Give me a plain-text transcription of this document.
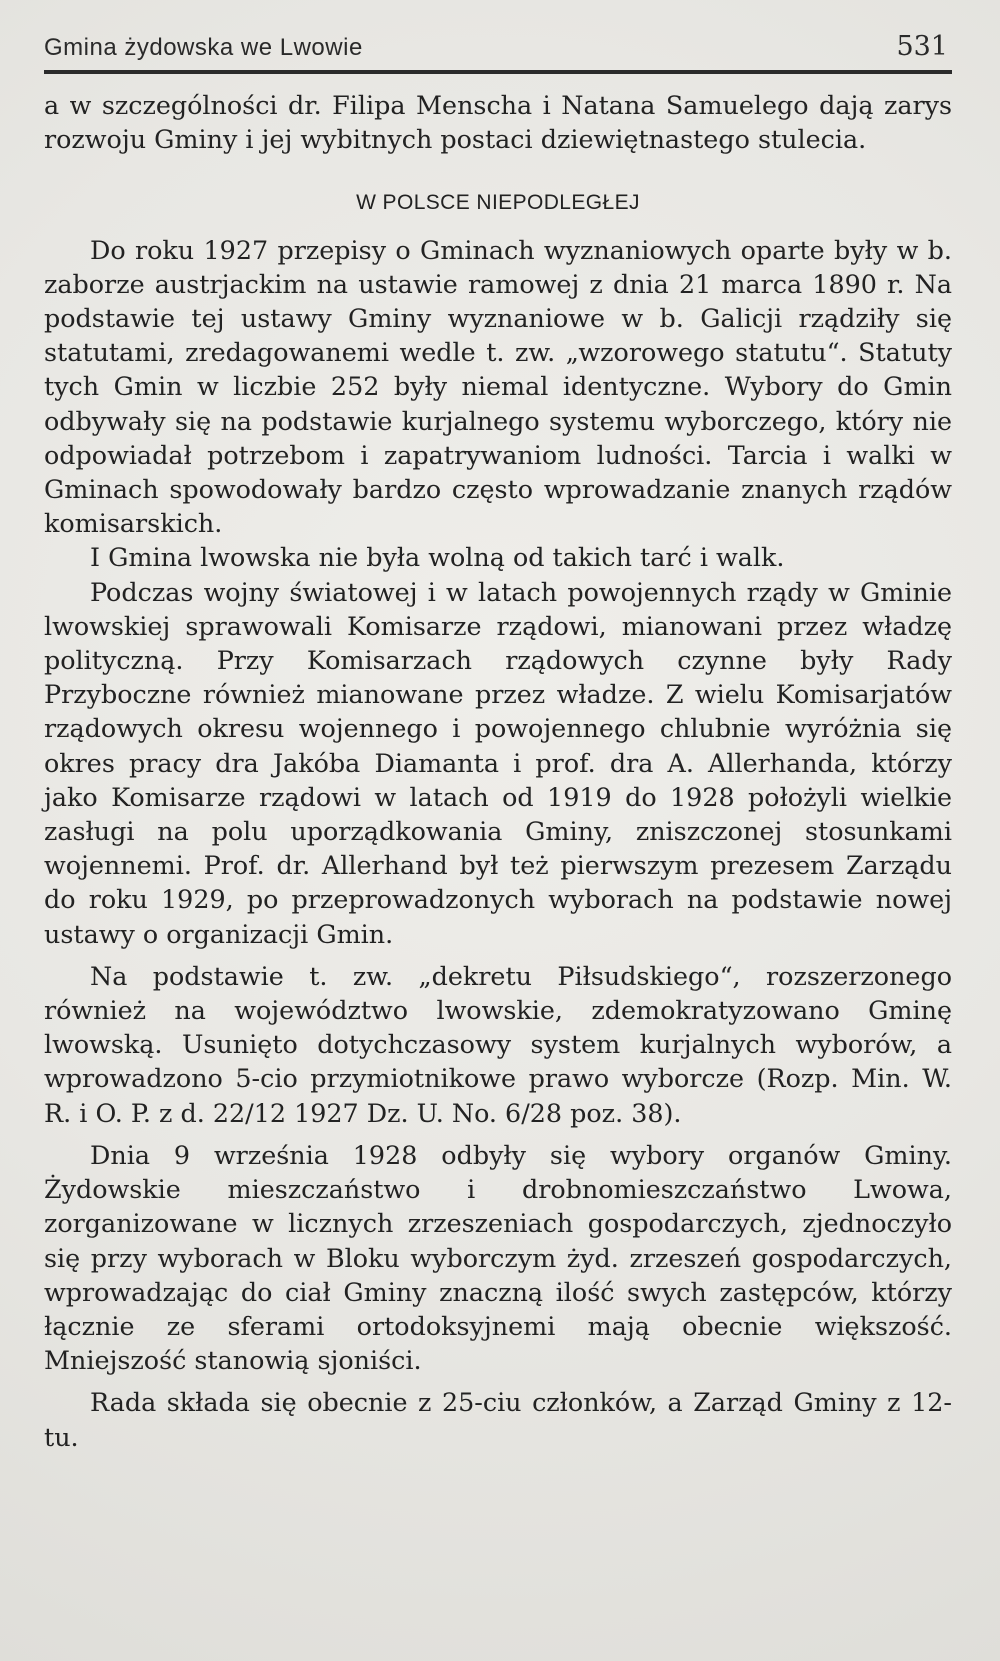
Gmina żydowska we Lwowie	531

a w szczególności dr. Filipa Menscha i Natana Samuelego dają zarys rozwoju Gminy i jej wybitnych postaci dziewiętnastego stulecia.

W POLSCE NIEPODLEGŁEJ

Do roku 1927 przepisy o Gminach wyznaniowych oparte były w b. zaborze austrjackim na ustawie ramowej z dnia 21 marca 1890 r. Na podstawie tej ustawy Gminy wyznaniowe w b. Galicji rządziły się statutami, zredagowanemi wedle t. zw. „wzorowego statutu“. Statuty tych Gmin w liczbie 252 były niemal identyczne. Wybory do Gmin odbywały się na podstawie kurjalnego systemu wyborczego, który nie odpowiadał potrzebom i zapatrywaniom ludności. Tarcia i walki w Gminach spowodowały bardzo często wprowadzanie znanych rządów komisarskich.

I Gmina lwowska nie była wolną od takich tarć i walk.

Podczas wojny światowej i w latach powojennych rządy w Gminie lwowskiej sprawowali Komisarze rządowi, mianowani przez władzę polityczną. Przy Komisarzach rządowych czynne były Rady Przyboczne również mianowane przez władze. Z wielu Komisarjatów rządowych okresu wojennego i powojennego chlubnie wyróżnia się okres pracy dra Jakóba Diamanta i prof. dra A. Allerhanda, którzy jako Komisarze rządowi w latach od 1919 do 1928 położyli wielkie zasługi na polu uporządkowania Gminy, zniszczonej stosunkami wojennemi. Prof. dr. Allerhand był też pierwszym prezesem Zarządu do roku 1929, po przeprowadzonych wyborach na podstawie nowej ustawy o organizacji Gmin.

Na podstawie t. zw. „dekretu Piłsudskiego“, rozszerzonego również na województwo lwowskie, zdemokratyzowano Gminę lwowską. Usunięto dotychczasowy system kurjalnych wyborów, a wprowadzono 5-cio przymiotnikowe prawo wyborcze (Rozp. Min. W. R. i O. P. z d. 22/12 1927 Dz. U. No. 6/28 poz. 38).

Dnia 9 września 1928 odbyły się wybory organów Gminy. Żydowskie mieszczaństwo i drobnomieszczaństwo Lwowa, zorganizowane w licznych zrzeszeniach gospodarczych, zjednoczyło się przy wyborach w Bloku wyborczym żyd. zrzeszeń gospodarczych, wprowadzając do ciał Gminy znaczną ilość swych zastępców, którzy łącznie ze sferami ortodoksyjnemi mają obecnie większość. Mniejszość stanowią sjoniści.

Rada składa się obecnie z 25-ciu członków, a Zarząd Gminy z 12-tu.
